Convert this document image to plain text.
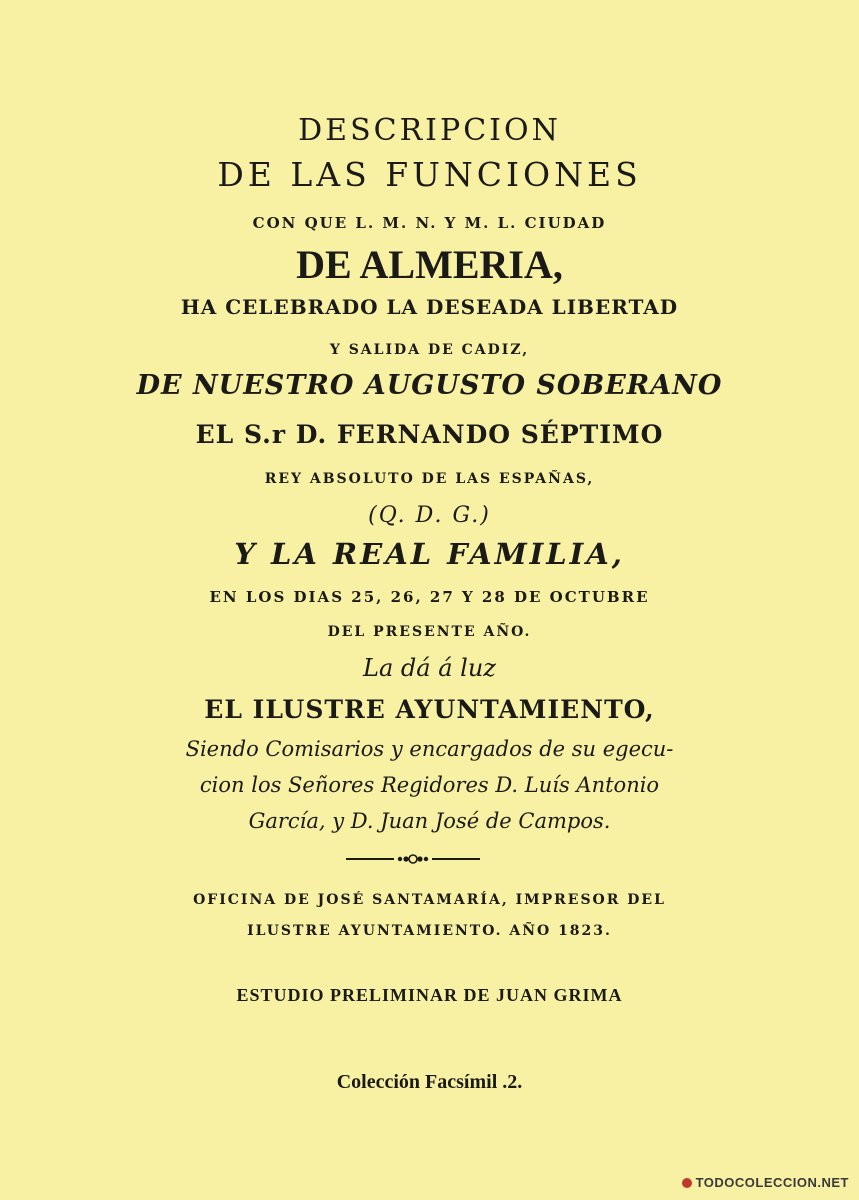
DESCRIPCION
DE LAS FUNCIONES
CON QUE L. M. N. Y M. L. CIUDAD
DE ALMERIA,
HA CELEBRADO LA DESEADA LIBERTAD
Y SALIDA DE CADIZ,
DE NUESTRO AUGUSTO SOBERANO
EL S.r D. FERNANDO SÉPTIMO
REY ABSOLUTO DE LAS ESPAÑAS,
(Q. D. G.)
Y LA REAL FAMILIA,
EN LOS DIAS 25, 26, 27 Y 28 DE OCTUBRE
DEL PRESENTE AÑO.
La dá á luz
EL ILUSTRE AYUNTAMIENTO,
Siendo Comisarios y encargados de su egecu-
cion los Señores Regidores D. Luís Antonio
García, y D. Juan José de Campos.
OFICINA DE JOSÉ SANTAMARÍA, IMPRESOR DEL
ILUSTRE AYUNTAMIENTO. AÑO 1823.
ESTUDIO PRELIMINAR DE JUAN GRIMA
Colección Facsímil .2.
TODOCOLECCION.NET
